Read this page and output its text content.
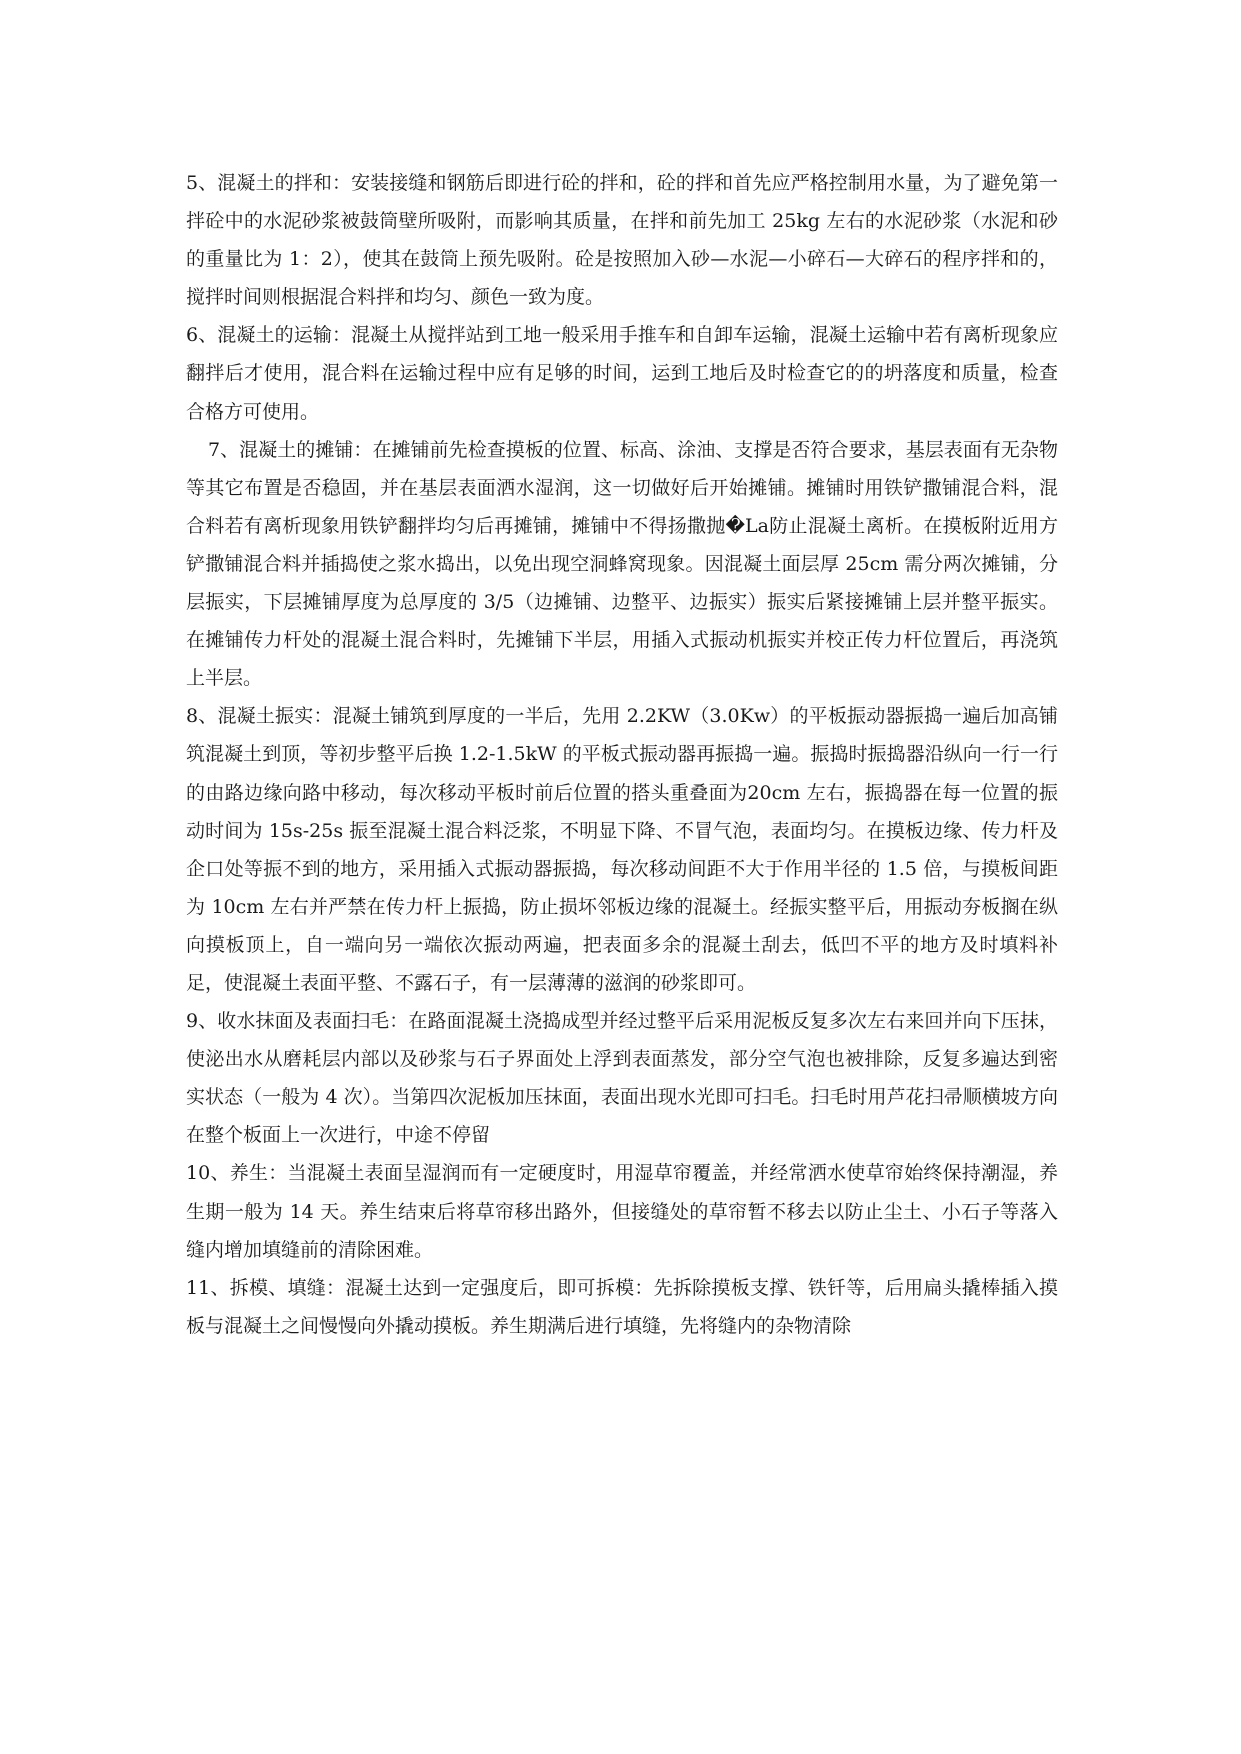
5、混凝土的拌和：安装接缝和钢筋后即进行砼的拌和，砼的拌和首先应严格控制用水量，为了避免第一拌砼中的水泥砂浆被鼓筒壁所吸附，而影响其质量，在拌和前先加工 25kg 左右的水泥砂浆（水泥和砂的重量比为 1：2），使其在鼓筒上预先吸附。砼是按照加入砂—水泥—小碎石—大碎石的程序拌和的， 搅拌时间则根据混合料拌和均匀、颜色一致为度。

6、混凝土的运输：混凝土从搅拌站到工地一般采用手推车和自卸车运输，混凝土运输中若有离析现象应翻拌后才使用，混合料在运输过程中应有足够的时间，运到工地后及时检查它的的坍落度和质量，检查合格方可使用。

7、混凝土的摊铺：在摊铺前先检查摸板的位置、标高、涂油、支撑是否符合要求，基层表面有无杂物等其它布置是否稳固，并在基层表面洒水湿润，这一切做好后开始摊铺。摊铺时用铁铲撒铺混合料，混合料若有离析现象用铁铲翻拌均匀后再摊铺，摊铺中不得扬撒抛�La防止混凝土离析。在摸板附近用方铲撒铺混合料并插捣使之浆水捣出，以免出现空洞蜂窝现象。因混凝土面层厚 25cm 需分两次摊铺，分层振实，下层摊铺厚度为总厚度的 3/5（边摊铺、边整平、边振实）振实后紧接摊铺上层并整平振实。在摊铺传力杆处的混凝土混合料时，先摊铺下半层，用插入式振动机振实并校正传力杆位置后，再浇筑上半层。

8、混凝土振实：混凝土铺筑到厚度的一半后，先用 2.2KW（3.0Kw）的平板振动器振捣一遍后加高铺筑混凝土到顶，等初步整平后换 1.2-1.5kW 的平板式振动器再振捣一遍。振捣时振捣器沿纵向一行一行的由路边缘向路中移动，每次移动平板时前后位置的搭头重叠面为20cm 左右，振捣器在每一位置的振动时间为 15s-25s 振至混凝土混合料泛浆，不明显下降、不冒气泡，表面均匀。在摸板边缘、传力杆及企口处等振不到的地方，采用插入式振动器振捣，每次移动间距不大于作用半径的 1.5 倍，与摸板间距为 10cm 左右并严禁在传力杆上振捣，防止损坏邻板边缘的混凝土。经振实整平后，用振动夯板搁在纵向摸板顶上，自一端向另一端依次振动两遍，把表面多余的混凝土刮去，低凹不平的地方及时填料补足，使混凝土表面平整、不露石子，有一层薄薄的滋润的砂浆即可。

9、收水抹面及表面扫毛：在路面混凝土浇捣成型并经过整平后采用泥板反复多次左右来回并向下压抹，使泌出水从磨耗层内部以及砂浆与石子界面处上浮到表面蒸发，部分空气泡也被排除，反复多遍达到密实状态（一般为 4 次）。当第四次泥板加压抹面，表面出现水光即可扫毛。扫毛时用芦花扫帚顺横坡方向在整个板面上一次进行，中途不停留

10、养生：当混凝土表面呈湿润而有一定硬度时，用湿草帘覆盖，并经常洒水使草帘始终保持潮湿，养生期一般为 14 天。养生结束后将草帘移出路外，但接缝处的草帘暂不移去以防止尘土、小石子等落入缝内增加填缝前的清除困难。

11、拆模、填缝：混凝土达到一定强度后，即可拆模：先拆除摸板支撑、铁钎等，后用扁头撬棒插入摸板与混凝土之间慢慢向外撬动摸板。养生期满后进行填缝，先将缝内的杂物清除
